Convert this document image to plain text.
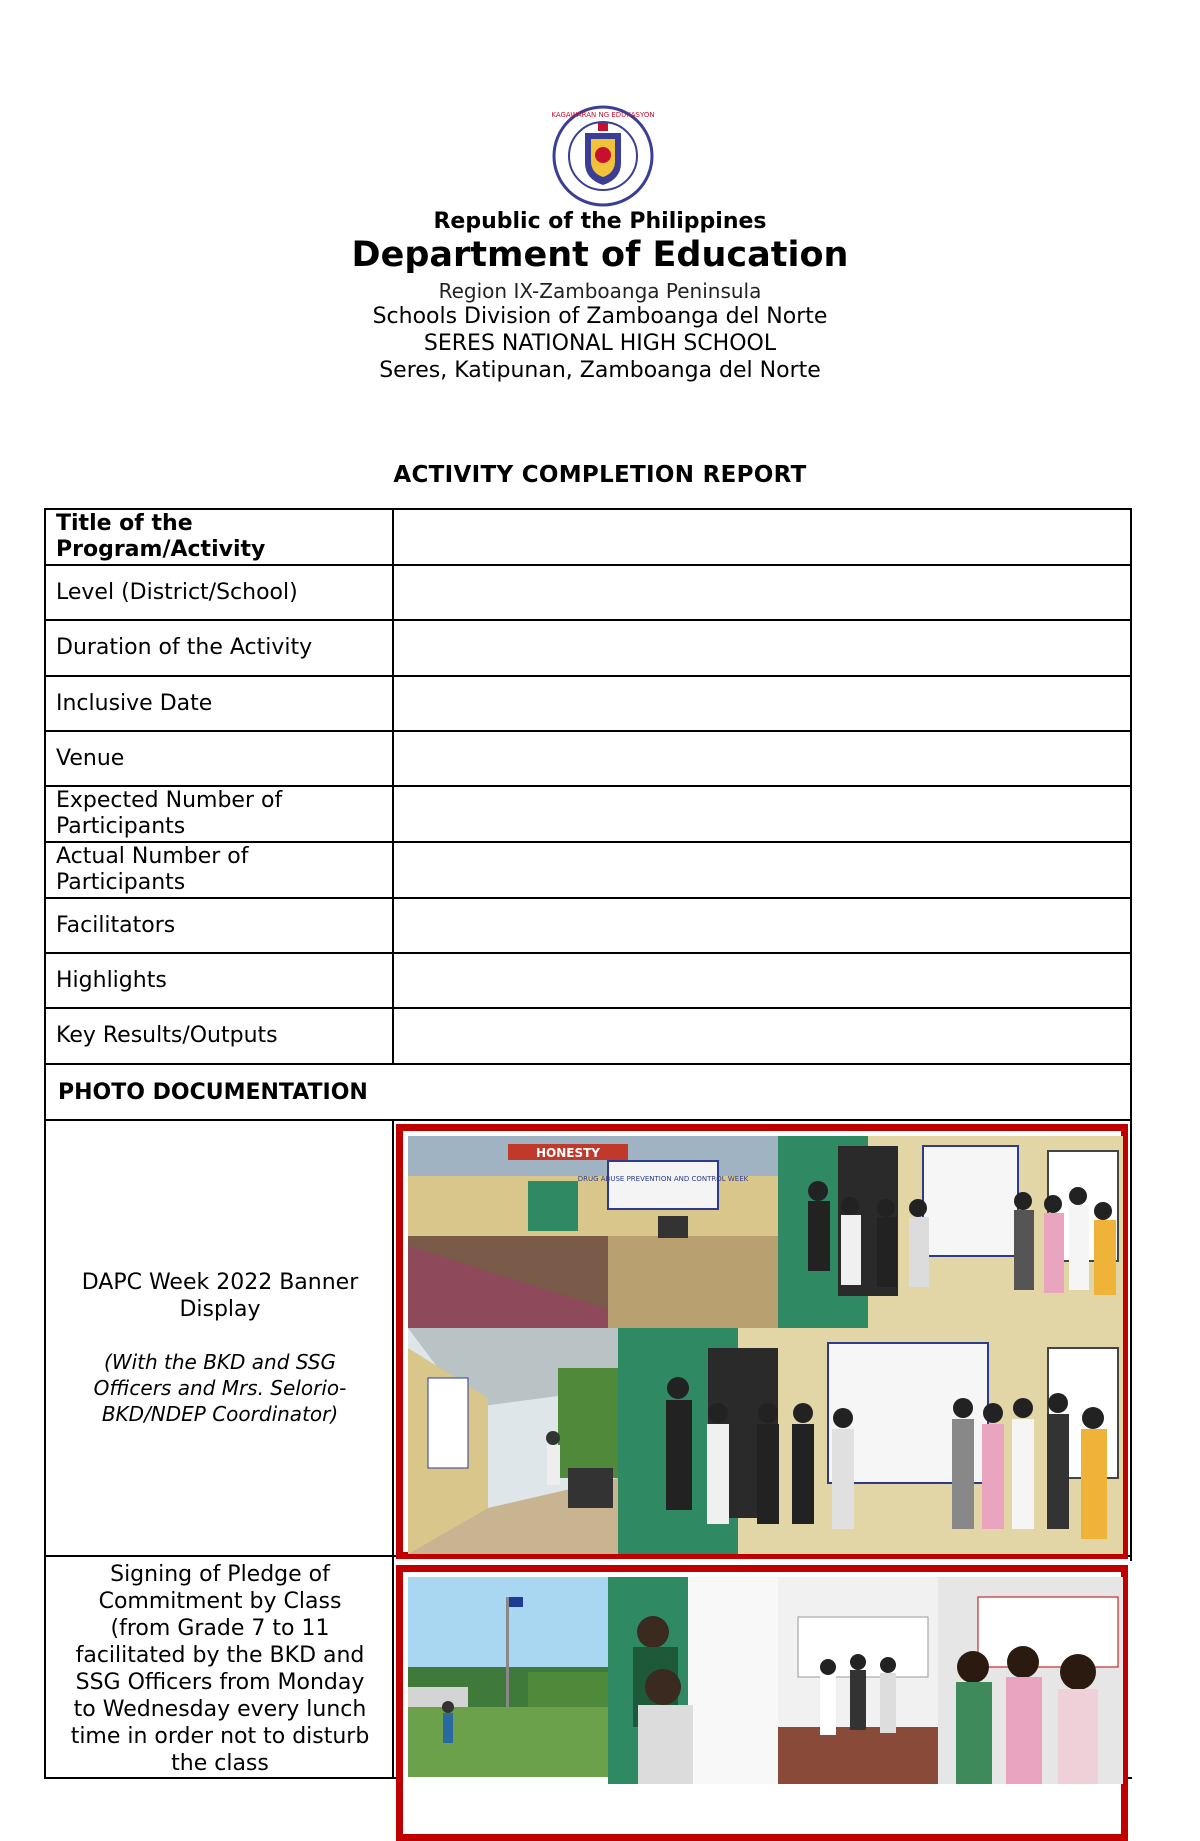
KAGAWARAN NG EDUKASYON
Republic of the Philippines
Department of Education
Region IX-Zamboanga Peninsula
Schools Division of Zamboanga del Norte
SERES NATIONAL HIGH SCHOOL
Seres, Katipunan, Zamboanga del Norte
ACTIVITY COMPLETION REPORT
Title of the
Program/Activity
Level (District/School)
Duration of the Activity
Inclusive Date
Venue
Expected Number of
Participants
Actual Number of
Participants
Facilitators
Highlights
Key Results/Outputs
PHOTO DOCUMENTATION
DAPC Week 2022 Banner
Display
(With the BKD and SSG
Officers and Mrs. Selorio-
BKD/NDEP Coordinator)
Signing of Pledge of
Commitment by Class
(from Grade 7 to 11
facilitated by the BKD and
SSG Officers from Monday
to Wednesday every lunch
time in order not to disturb
the class
DRUG ABUSE PREVENTION AND CONTROL WEEK
HONESTY
